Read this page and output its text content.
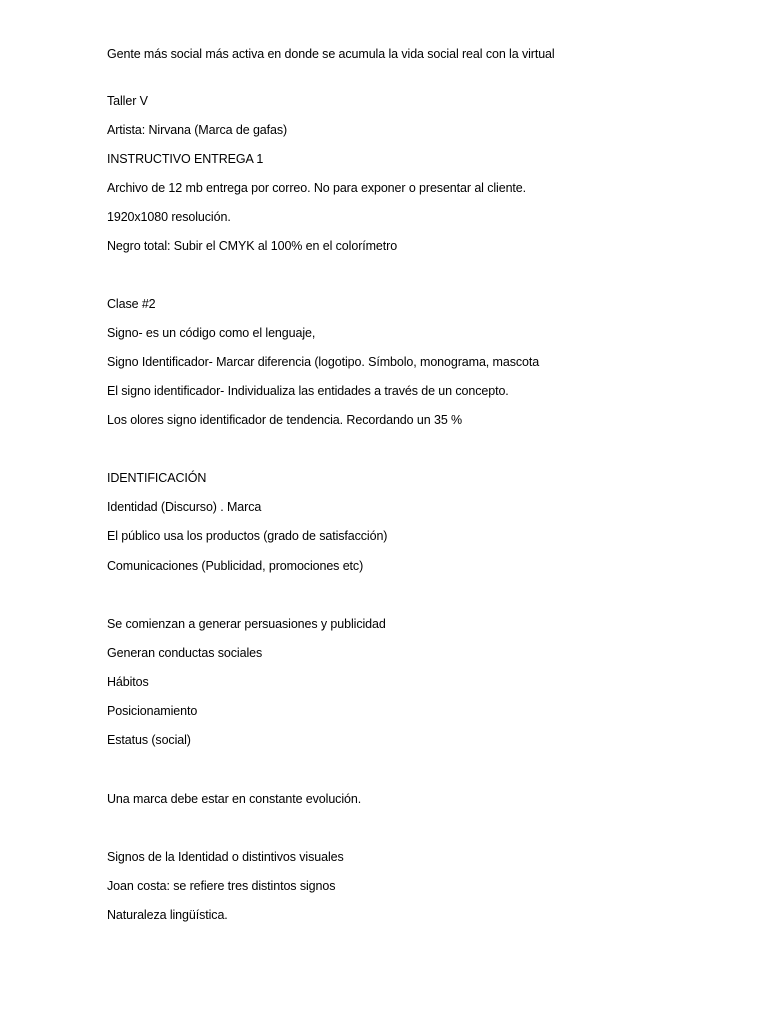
Gente más social más activa en donde se acumula la vida social real con la virtual

Taller V

Artista: Nirvana (Marca de gafas)

INSTRUCTIVO ENTREGA 1

Archivo de 12 mb entrega por correo. No para exponer o presentar al cliente.

1920x1080 resolución.

Negro total: Subir el CMYK al 100% en el colorímetro

Clase #2

Signo- es un código como el lenguaje,

Signo Identificador- Marcar diferencia (logotipo. Símbolo, monograma, mascota

El signo identificador- Individualiza las entidades a través de un concepto.

Los olores signo identificador de tendencia. Recordando un 35 %

IDENTIFICACIÓN

Identidad (Discurso) . Marca

El público usa los productos (grado de satisfacción)

Comunicaciones (Publicidad, promociones etc)

Se comienzan a generar persuasiones y publicidad

Generan conductas sociales

Hábitos

Posicionamiento

Estatus (social)

Una marca debe estar en constante evolución.

Signos de la Identidad o distintivos visuales

Joan costa: se refiere tres distintos signos

Naturaleza lingüística.
